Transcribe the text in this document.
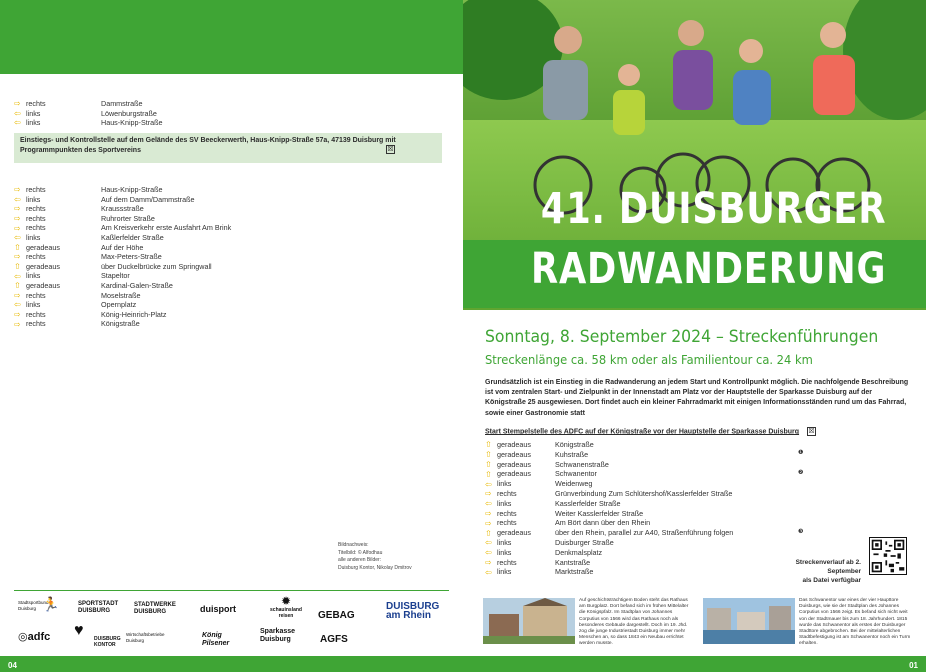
⇨ rechts	Dammstraße
⇦ links	Löwenburgstraße
⇦ links	Haus-Knipp-Straße
Einstiegs- und Kontrollstelle auf dem Gelände des SV Beeckerwerth, Haus-Knipp-Straße 57a, 47139 Duisburg mit Programmpunkten des Sportvereins	☒
⇨ rechts	Haus-Knipp-Straße
⇦ links	Auf dem Damm/Dammstraße
⇨ rechts	Kraussstraße
⇨ rechts	Ruhrorter Straße
⇨ rechts	Am Kreisverkehr erste Ausfahrt Am Brink
⇦ links	Kaßlerfelder Straße
⇧ geradeaus	Auf der Höhe
⇨ rechts	Max-Peters-Straße
⇧ geradeaus	über Duckelbrücke zum Springwall
⇦ links	Stapeltor
⇧ geradeaus	Kardinal-Galen-Straße
⇨ rechts	Moselstraße
⇦ links	Opernplatz
⇨ rechts	König-Heinrich-Platz
⇨ rechts	Königstraße
Bildnachweis:
Titelbild: © Alfodhau
alle anderen Bilder:
Duisburg Kontor, Nikolay Dmitrov
Stadtsportbund Duisburg 🏃	SPORTSTADT DUISBURG
STADTWERKE DUISBURG	duisport
✹
schauinsland reisen	GEBAG
DUISBURG am Rhein
◎adfc ♥ DUISBURG KONTOR
Wirtschaftsbetriebe Duisburg
König Pilsener
Sparkasse Duisburg	AGFS
04
41. DUISBURGER
RADWANDERUNG
Sonntag, 8. September 2024 – Streckenführungen
Streckenlänge ca. 58 km oder als Familientour ca. 24 km
Grundsätzlich ist ein Einstieg in die Radwanderung an jedem Start und Kontrollpunkt möglich. Die nachfolgende Beschreibung ist vom zentralen Start- und Zielpunkt in der Innenstadt am Platz vor der Hauptstelle der Sparkasse Duisburg auf der Königstraße 25 ausgewiesen. Dort findet auch ein kleiner Fahrradmarkt mit einigen Informationsständen rund um das Fahrrad, sowie einer Gastronomie statt
Start Stempelstelle des ADFC auf der Königstraße vor der Hauptstelle der Sparkasse Duisburg ☒
⇧ geradeaus	Königstraße
⇧ geradeaus	Kuhstraße
⇧ geradeaus	Schwanenstraße
⇧ geradeaus	Schwanentor
⇦ links	Weidenweg
⇨ rechts	Grünverbindung Zum Schlütershof/Kasslerfelder Straße
⇦ links	Kasslerfelder Straße
⇨ rechts	Weiter Kasslerfelder Straße
⇨ rechts	Am Bört dann über den Rhein
⇧ geradeaus	über den Rhein, parallel zur A40, Straßenführung folgen
⇦ links	Duisburger Straße
⇦ links	Denkmalsplatz
⇨ rechts	Kantstraße
⇦ links	Marktstraße
❶
❷
❸
Streckenverlauf ab 2. September
als Datei verfügbar
Auf geschichtsträchtigem Boden steht das Rathaus am Burgplatz. Dort befand sich im frühen Mittelalter die Königspfalz. Im Stadtplan von Johannes Corputius von 1566 wird das Rathaus noch als besonderes Gebäude dargestellt. Doch im 19. Jhd. zog die junge Industriestadt Duisburg immer mehr Menschen an, so dass 1843 ein Neubau errichtet werden musste.
Das Schwanentor war eines der vier Haupttore Duisburgs, wie sie der Stadtplan des Johannes Corputius von 1566 zeigt. Es befand sich nicht weit von der Stadtmauer bis zum 18. Jahrhundert. 1815 wurde das Schwanentor als erstes der Duisburger Stadttore abgebrochen. Bei der mittelalterlichen Stadtbefestigung ist am Schwanentor noch ein Turm erhalten.
01
